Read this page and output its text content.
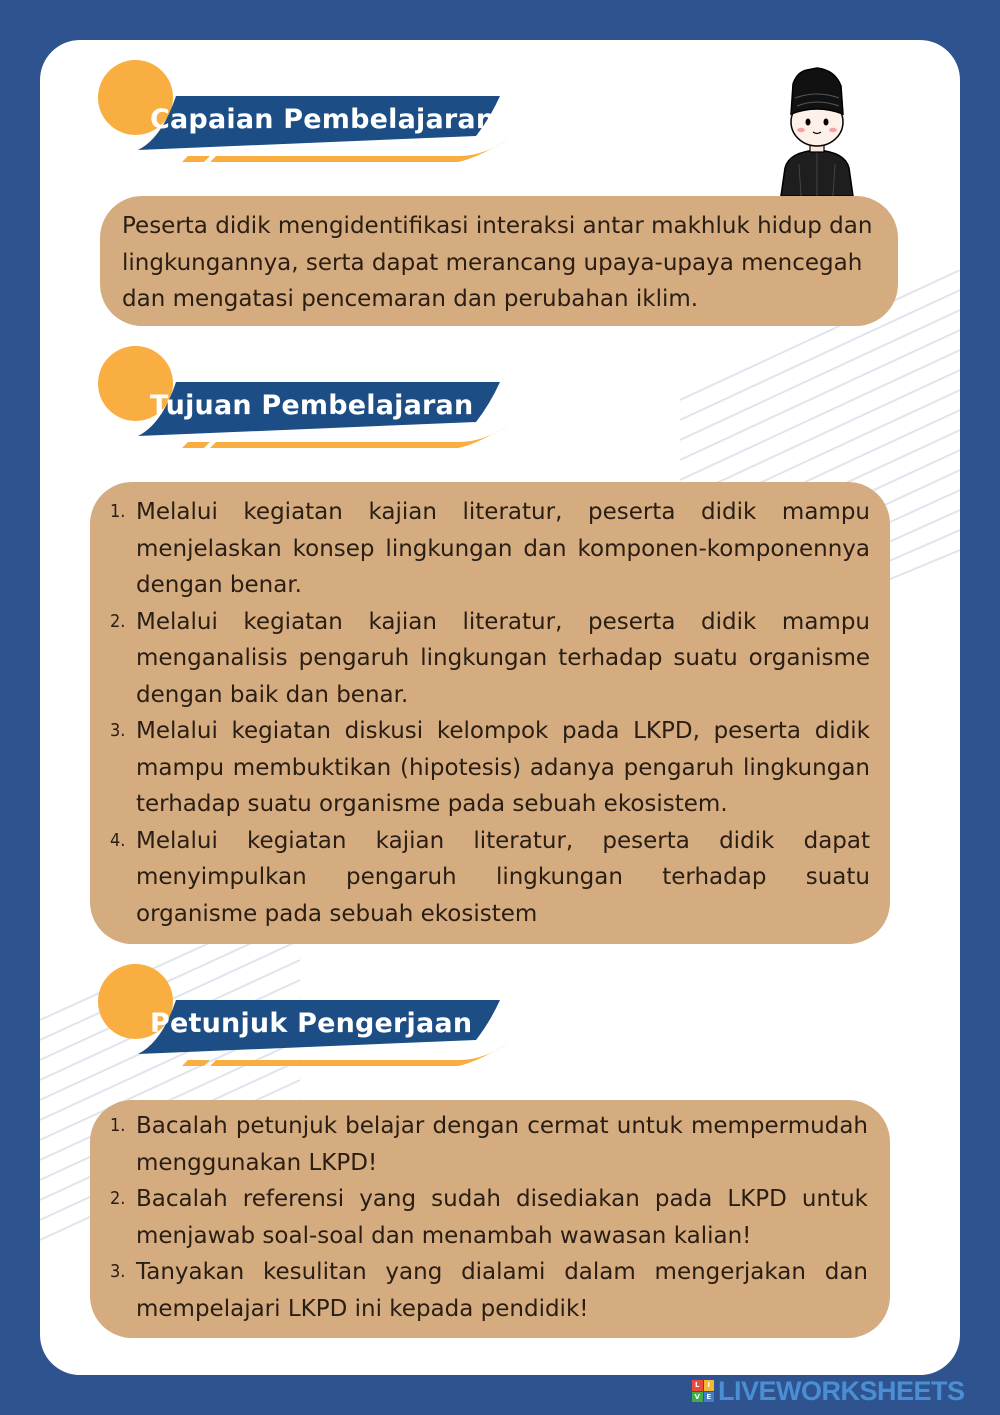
Capaian Pembelajaran

Peserta didik mengidentifikasi interaksi antar makhluk hidup dan lingkungannya, serta dapat merancang upaya-upaya mencegah dan mengatasi pencemaran dan perubahan iklim.

Tujuan Pembelajaran
1. Melalui kegiatan kajian literatur, peserta didik mampu menjelaskan konsep lingkungan dan komponen-komponennya dengan benar.
2. Melalui kegiatan kajian literatur, peserta didik mampu menganalisis pengaruh lingkungan terhadap suatu organisme dengan baik dan benar.
3. Melalui kegiatan diskusi kelompok pada LKPD, peserta didik mampu membuktikan (hipotesis) adanya pengaruh lingkungan terhadap suatu organisme pada sebuah ekosistem.
4. Melalui kegiatan kajian literatur, peserta didik dapat menyimpulkan pengaruh lingkungan terhadap suatu organisme pada sebuah ekosistem
Petunjuk Pengerjaan
1. Bacalah petunjuk belajar dengan cermat untuk mempermudah menggunakan LKPD!
2. Bacalah referensi yang sudah disediakan pada LKPD untuk menjawab soal-soal dan menambah wawasan kalian!
3. Tanyakan kesulitan yang dialami dalam mengerjakan dan mempelajari LKPD ini kepada pendidik!
L	I
V E LIVEWORKSHEETS
